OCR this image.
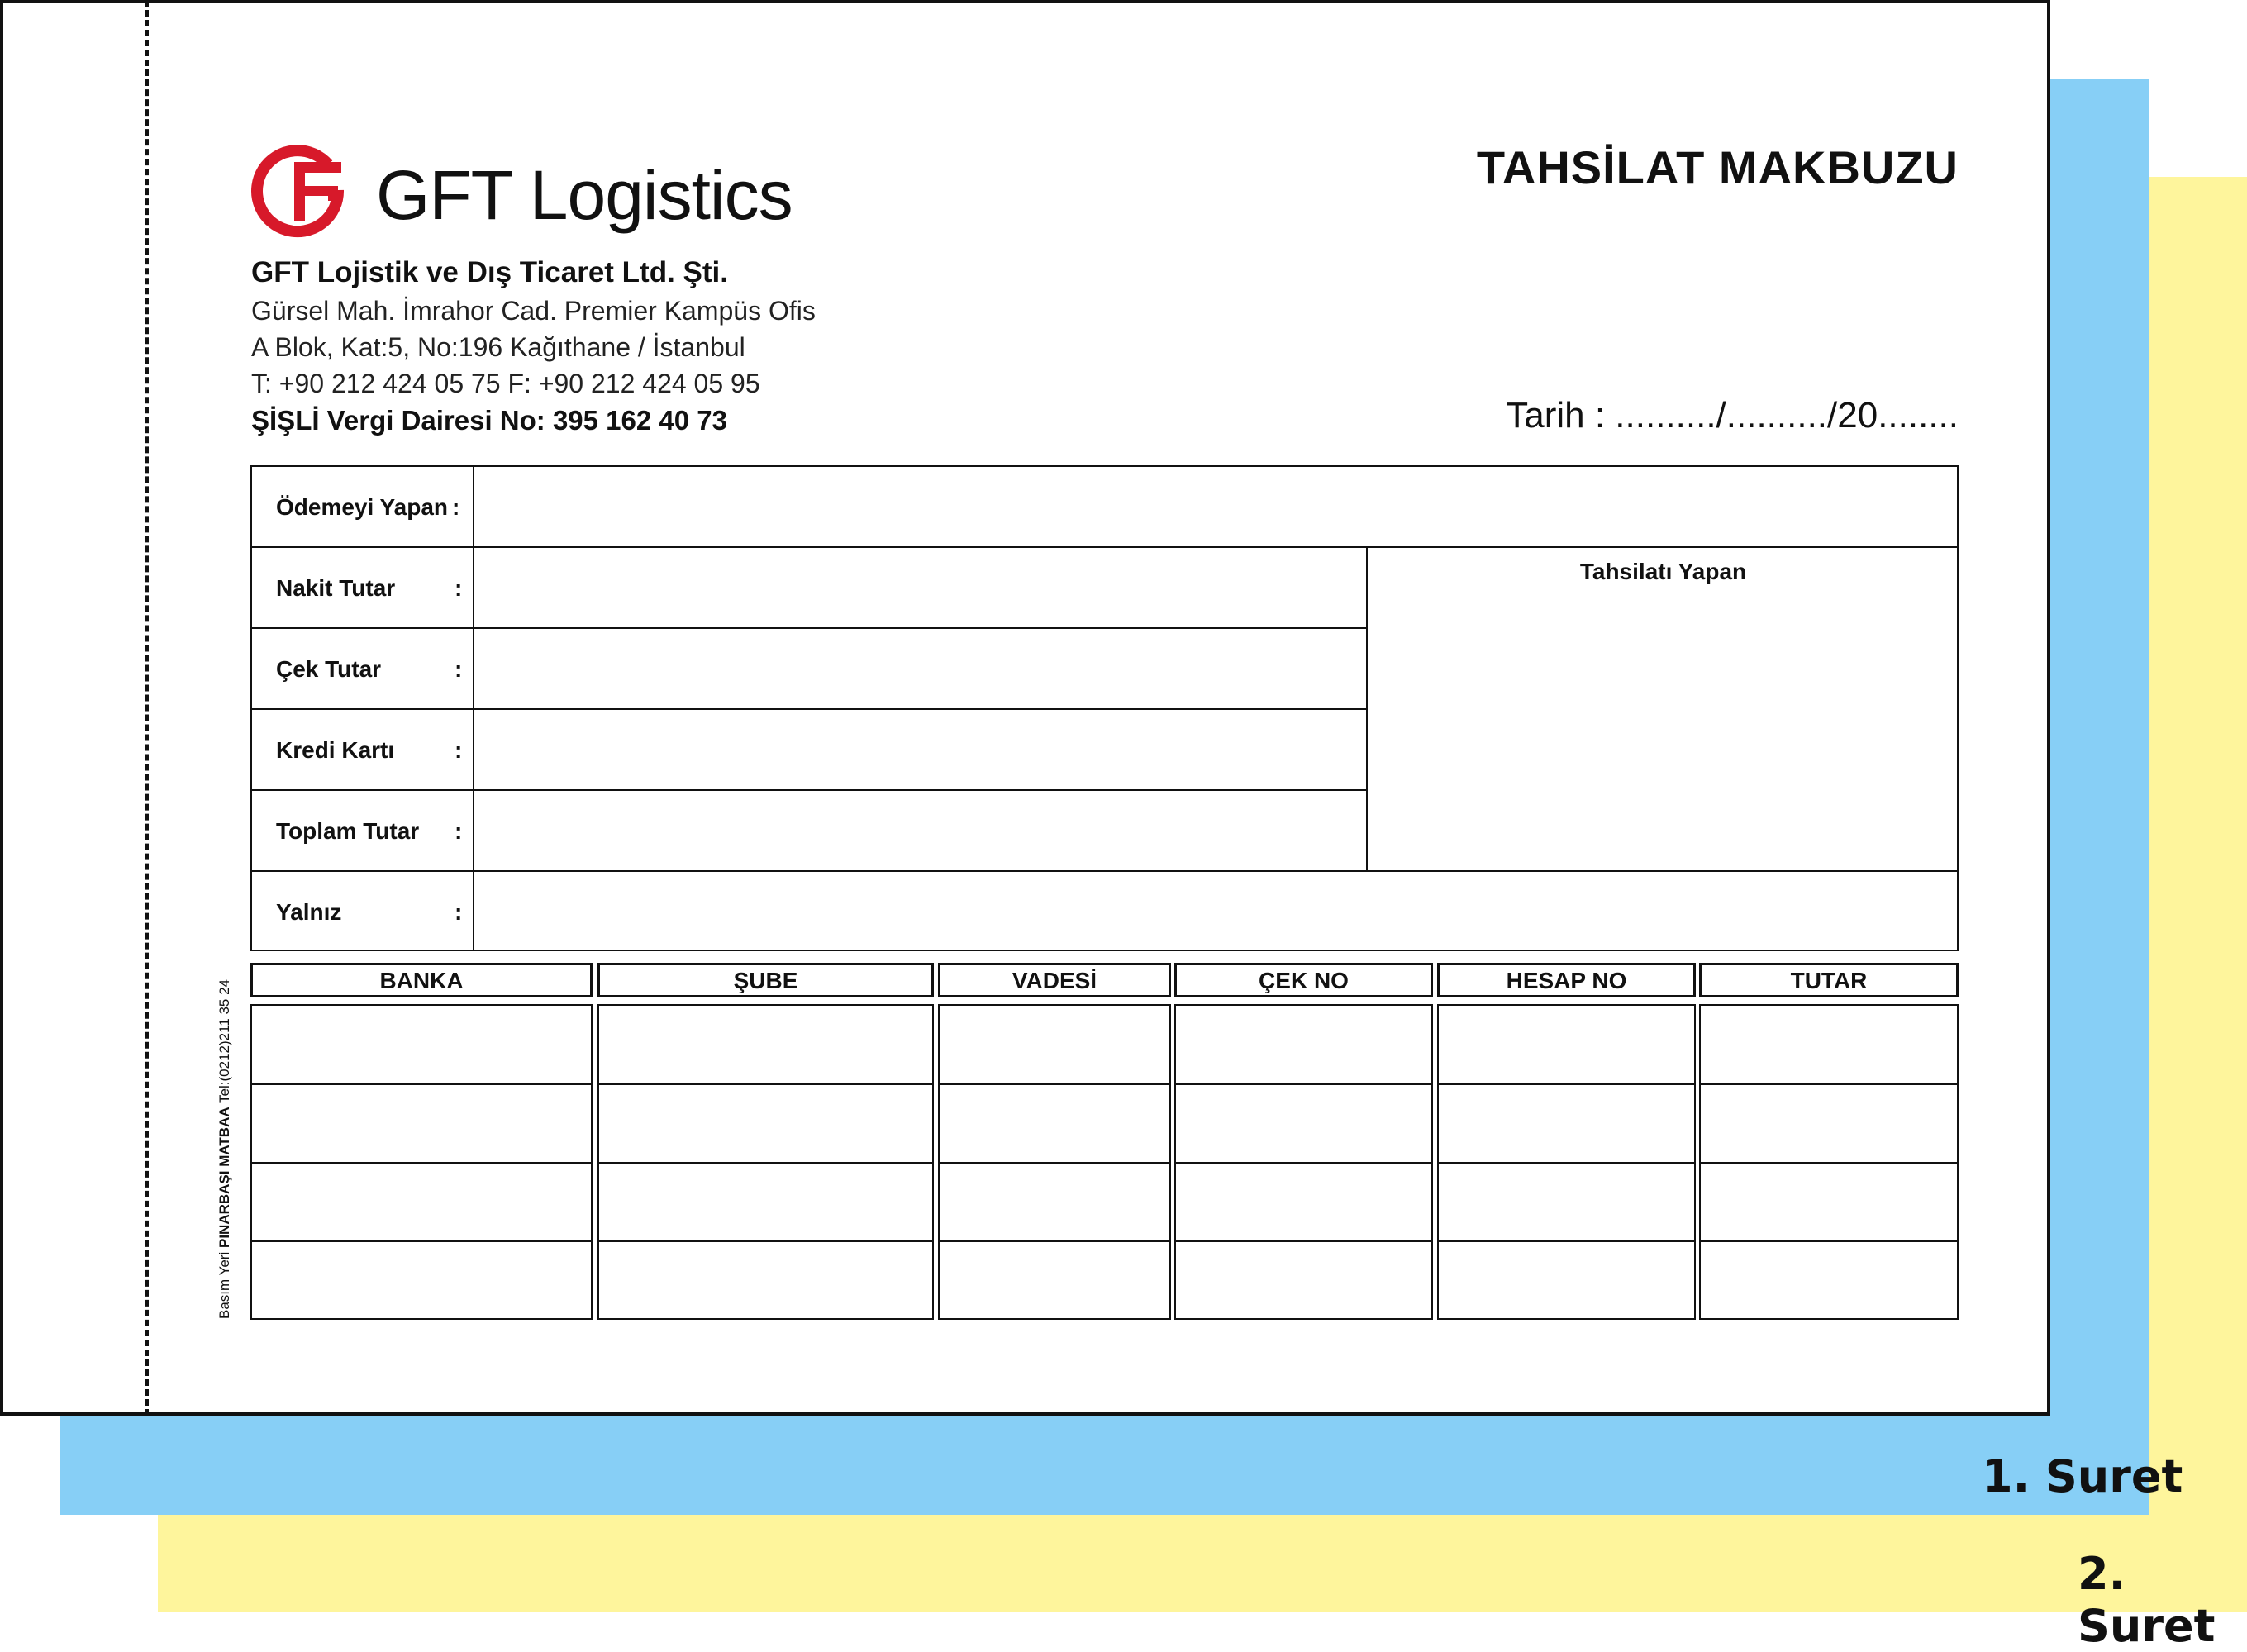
1. Suret
2. Suret
GFT Logistics
GFT Lojistik ve Dış Ticaret Ltd. Şti.
Gürsel Mah. İmrahor Cad. Premier Kampüs Ofis
A Blok, Kat:5, No:196 Kağıthane / İstanbul
T: +90 212 424 05 75 F: +90 212 424 05 95
ŞİŞLİ Vergi Dairesi No: 395 162 40 73
TAHSİLAT MAKBUZU
Tarih : ........../........../20........
Ödemeyi Yapan :
Nakit Tutar	:
Çek Tutar	:
Kredi Kartı	:
Toplam Tutar :
Yalnız	:
Tahsilatı Yapan
BANKA	ŞUBE	VADESİ	ÇEK NO	HESAP NO	TUTAR
Basım Yeri PINARBAŞI MATBAA Tel:(0212)211 35 24
